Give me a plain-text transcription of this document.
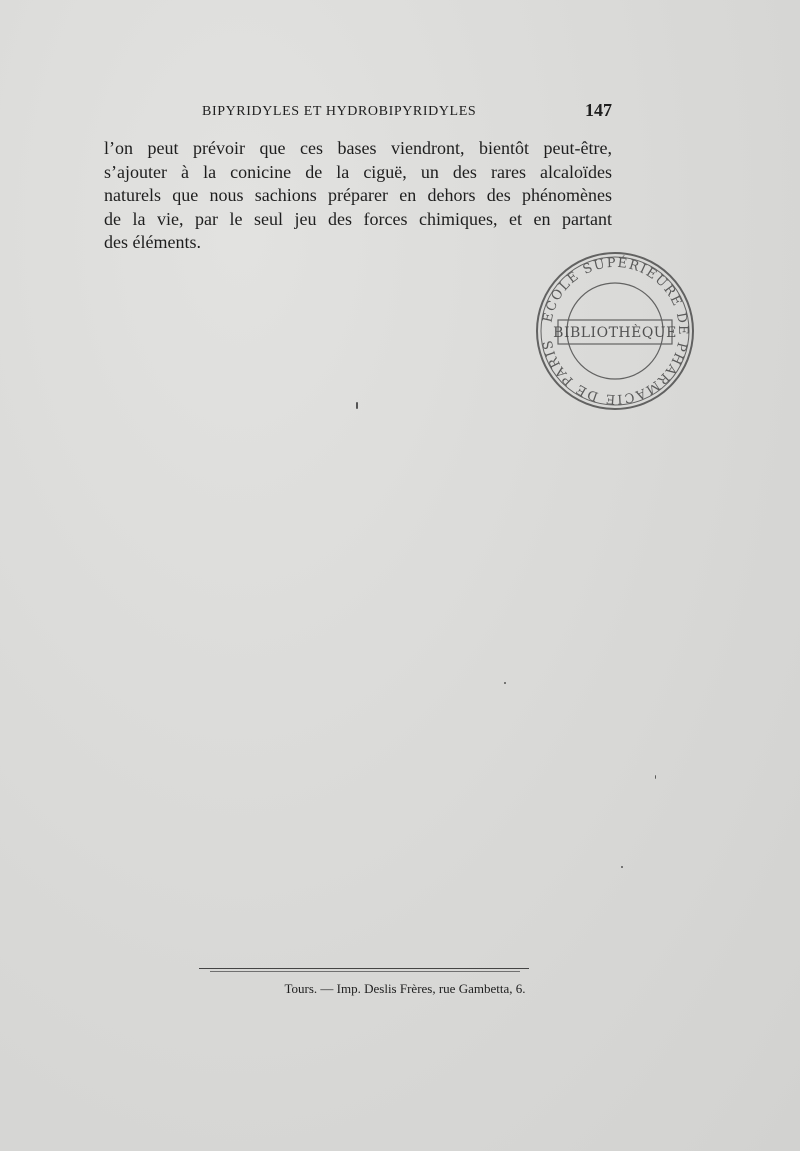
BIPYRIDYLES ET HYDROBIPYRIDYLES	147
l’on peut prévoir que ces bases viendront, bientôt peut-être,
s’ajouter à la conicine de la ciguë, un des rares alcaloïdes
naturels que nous sachions préparer en dehors des phénomènes
de la vie, par le seul jeu des forces chimiques, et en partant
des éléments.
ECOLE SUPÉRIEURE DE PHARMACIE DE PARIS
BIBLIOTHÈQUE
Tours. — Imp. Deslis Frères, rue Gambetta, 6.
